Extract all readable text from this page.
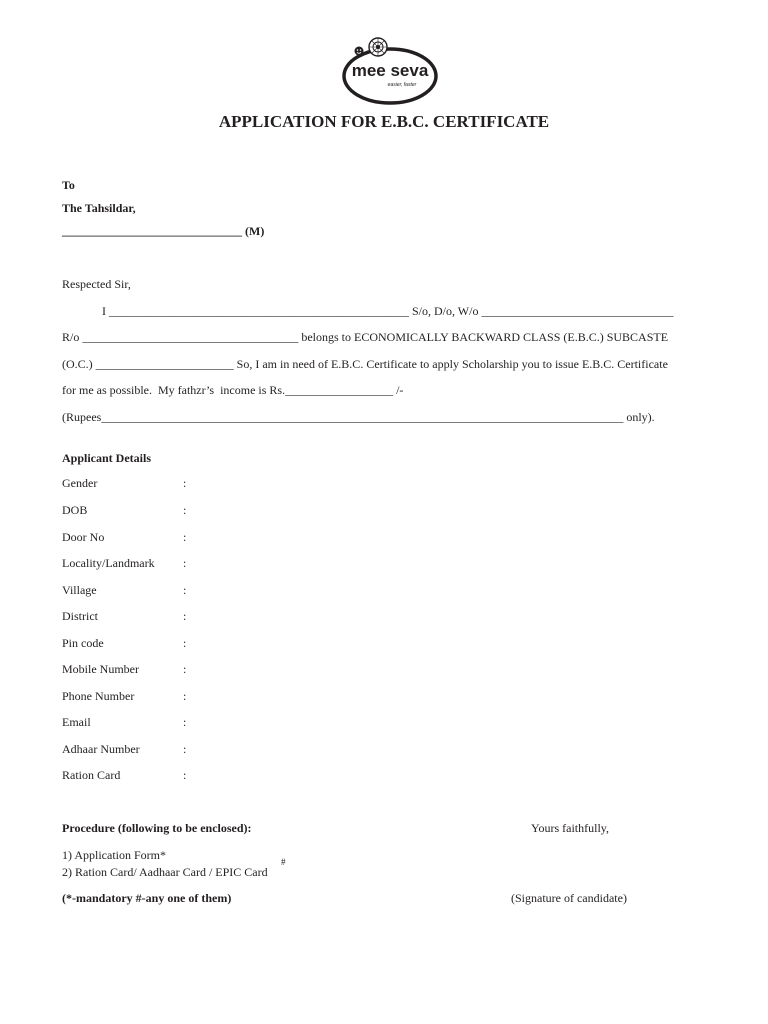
mee seva
easier, faster
APPLICATION FOR E.B.C. CERTIFICATE
To
The Tahsildar,
______________________________ (M)
Respected Sir,
I __________________________________________________ S/o, D/o, W/o ________________________________
R/o ____________________________________ belongs to ECONOMICALLY BACKWARD CLASS (E.B.C.) SUBCASTE
(O.C.) _______________________ So, I am in need of E.B.C. Certificate to apply Scholarship you to issue E.B.C. Certificate
for me as possible.  My fathzr’s  income is Rs.__________________ /-
(Rupees_______________________________________________________________________________________ only).
Applicant Details
Gender	:
DOB	:
Door No	:
Locality/Landmark :
Village	:
District	:
Pin code	:
Mobile Number	:
Phone Number	:
Email	:
Adhaar Number	:
Ration Card	:
Procedure (following to be enclosed):
1) Application Form*
2) Ration Card/ Aadhaar Card / EPIC Card
#
(*-mandatory #-any one of them)
Yours faithfully,
(Signature of candidate)
